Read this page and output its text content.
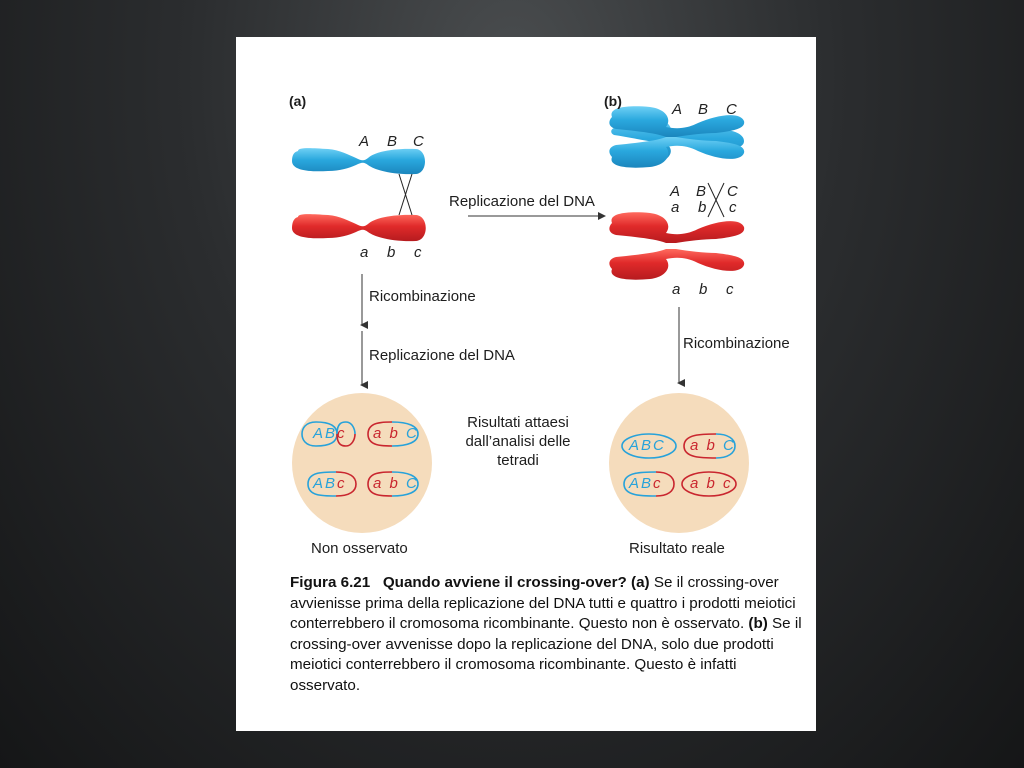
(a)	(b)
A B C
a b c
Ricombinazione
Replicazione del DNA
Replicazione del DNA
A B C
A B C
a b c
a b c
Ricombinazione
Risultati attaesi dall’analisi delle tetradi
ABc a b C
ABc a b C
ABC a b C
ABc a b c
Non osservato	Risultato reale
Figura 6.21 Quando avviene il crossing-over? (a) Se il crossing-over avvienisse prima della replicazione del DNA tutti e quattro i prodotti meiotici conterrebbero il cromosoma ricombinante. Questo non è osservato. (b) Se il crossing-over avvenisse dopo la replicazione del DNA, solo due prodotti meiotici conterrebbero il cromosoma ricombinante. Questo è infatti osservato.
